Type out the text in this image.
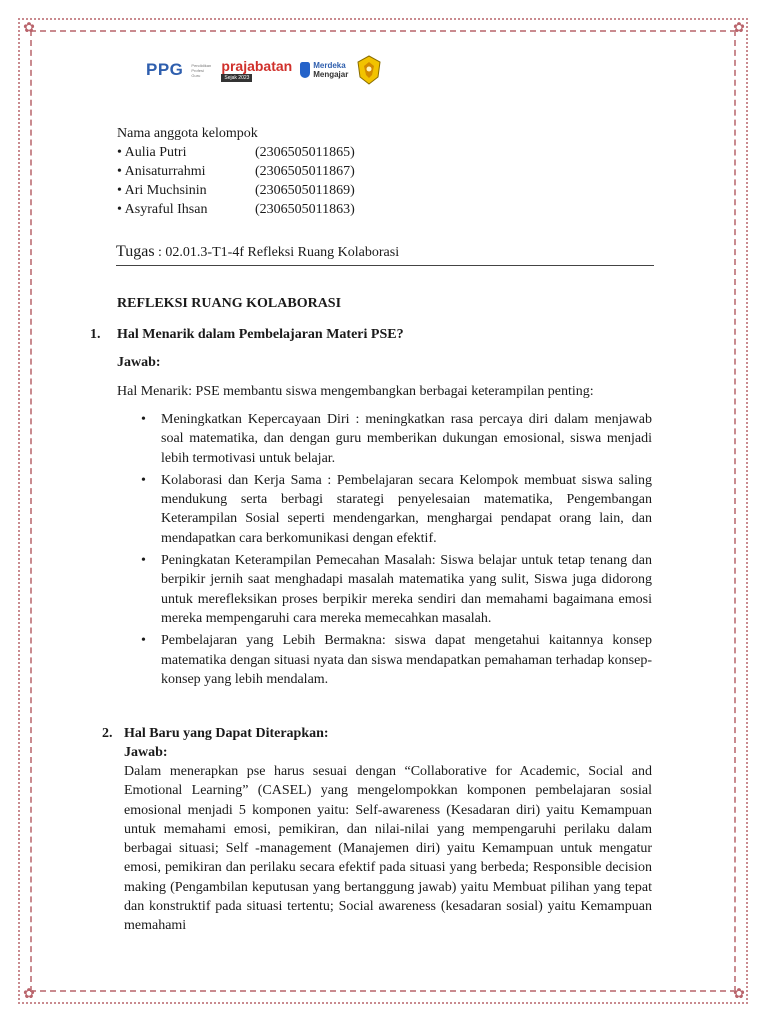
✿	✿
✿	✿
PPG Pendidikan Profesi Guru
prajabatan
Sejak 2023
Merdeka
Mengajar
Nama anggota kelompok
• Aulia Putri	(2306505011865)
• Anisaturrahmi	(2306505011867)
• Ari Muchsinin	(2306505011869)
• Asyraful Ihsan	(2306505011863)
Tugas : 02.01.3-T1-4f Refleksi Ruang Kolaborasi
REFLEKSI RUANG KOLABORASI
1. Hal Menarik dalam Pembelajaran Materi PSE?
Jawab:
Hal Menarik: PSE membantu siswa mengembangkan berbagai keterampilan penting:
• Meningkatkan Kepercayaan Diri : meningkatkan rasa percaya diri dalam menjawab soal matematika, dan dengan guru memberikan dukungan emosional, siswa menjadi lebih termotivasi untuk belajar.
• Kolaborasi dan Kerja Sama : Pembelajaran secara Kelompok membuat siswa saling mendukung serta berbagi starategi penyelesaian matematika, Pengembangan Keterampilan Sosial seperti mendengarkan, menghargai pendapat orang lain, dan mendapatkan cara berkomunikasi dengan efektif.
• Peningkatan Keterampilan Pemecahan Masalah: Siswa belajar untuk tetap tenang dan berpikir jernih saat menghadapi masalah matematika yang sulit, Siswa juga didorong untuk merefleksikan proses berpikir mereka sendiri dan memahami bagaimana emosi mereka mempengaruhi cara mereka memecahkan masalah.
• Pembelajaran yang Lebih Bermakna: siswa dapat mengetahui kaitannya konsep matematika dengan situasi nyata dan siswa mendapatkan pemahaman terhadap konsep-konsep yang lebih mendalam.
2. Hal Baru yang Dapat Diterapkan:
Jawab:
Dalam menerapkan pse harus sesuai dengan “Collaborative for Academic, Social and Emotional Learning” (CASEL) yang mengelompokkan komponen pembelajaran sosial emosional menjadi 5 komponen yaitu: Self-awareness (Kesadaran diri) yaitu Kemampuan untuk memahami emosi, pemikiran, dan nilai-nilai yang mempengaruhi perilaku dalam berbagai situasi; Self -management (Manajemen diri) yaitu Kemampuan untuk mengatur emosi, pemikiran dan perilaku secara efektif pada situasi yang berbeda; Responsible decision making (Pengambilan keputusan yang bertanggung jawab) yaitu Membuat pilihan yang tepat dan konstruktif pada situasi tertentu; Social awareness (kesadaran sosial) yaitu Kemampuan memahami
